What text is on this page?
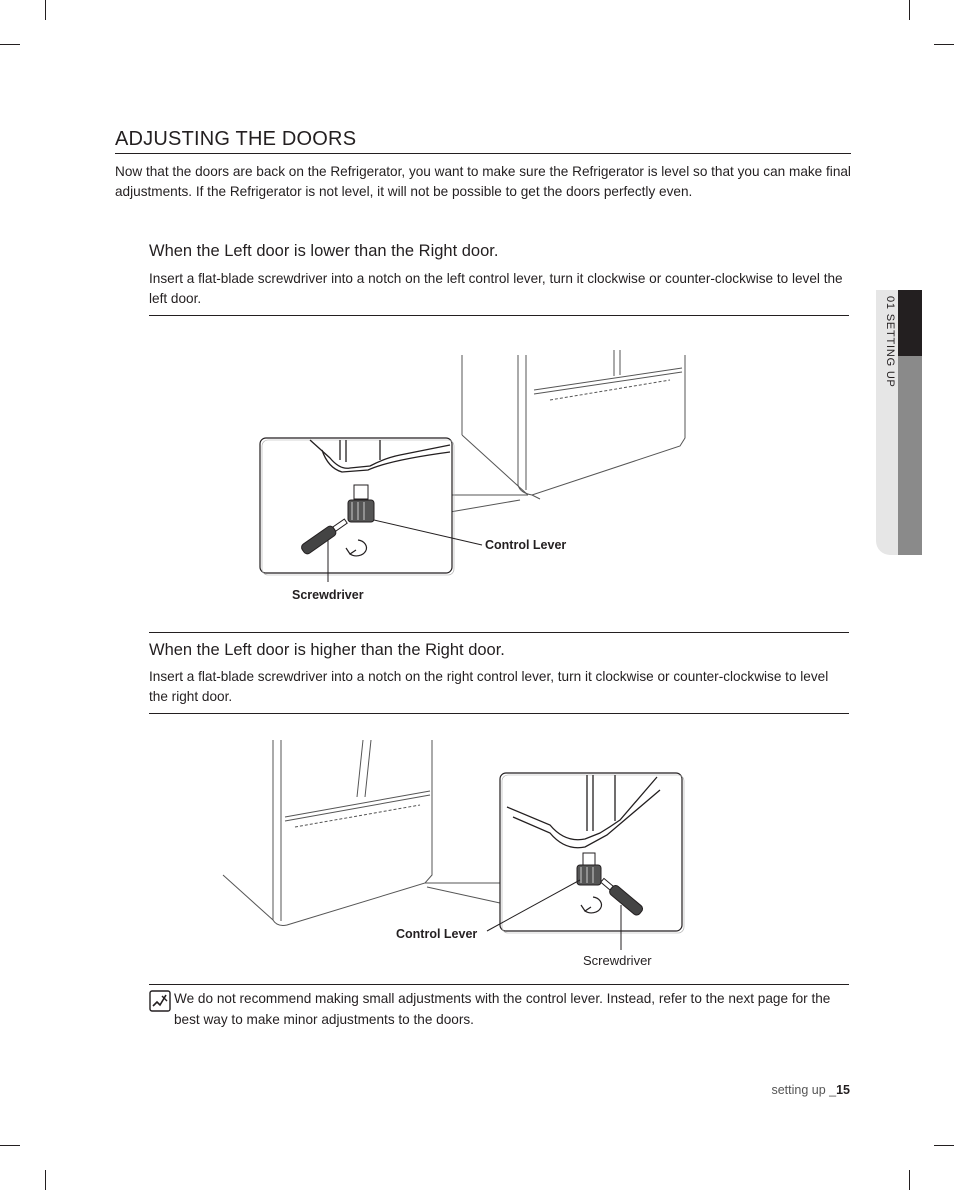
ADJUSTING THE DOORS

Now that the doors are back on the Refrigerator, you want to make sure the Refrigerator is level so that you can make final adjustments. If the Refrigerator is not level, it will not be possible to get the doors perfectly even.

01 SETTING UP
When the Left door is lower than the Right door.

Insert a flat-blade screwdriver into a notch on the left control lever, turn it clockwise or counter-clockwise to level the left door.

Control Lever
Screwdriver
When the Left door is higher than the Right door.

Insert a flat-blade screwdriver into a notch on the right control lever, turn it clockwise or counter-clockwise to level the right door.

Control Lever
Screwdriver

We do not recommend making small adjustments with the control lever. Instead, refer to the next page for the best way to make minor adjustments to the doors.

setting up _15
